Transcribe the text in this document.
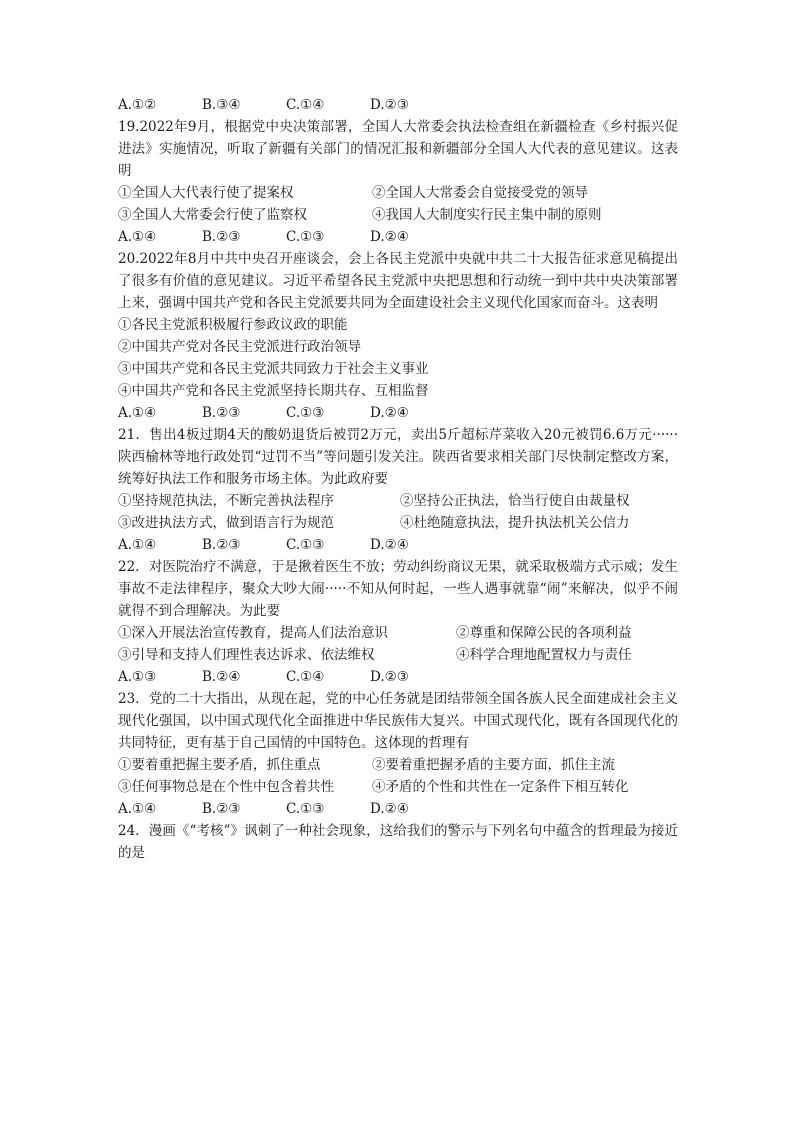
A.①②	B.③④	C.①④	D.②③

19.2022年9月，根据党中央决策部署，全国人大常委会执法检查组在新疆检查《乡村振兴促进法》实施情况，听取了新疆有关部门的情况汇报和新疆部分全国人大代表的意见建议。这表明

①全国人大代表行使了提案权	②全国人大常委会自觉接受党的领导
③全国人大常委会行使了监察权	④我国人大制度实行民主集中制的原则
A.①④	B.②③	C.①③	D.②④

20.2022年8月中共中央召开座谈会，会上各民主党派中央就中共二十大报告征求意见稿提出了很多有价值的意见建议。习近平希望各民主党派中央把思想和行动统一到中共中央决策部署上来，强调中国共产党和各民主党派要共同为全面建设社会主义现代化国家而奋斗。这表明

①各民主党派积极履行参政议政的职能

②中国共产党对各民主党派进行政治领导

③中国共产党和各民主党派共同致力于社会主义事业

④中国共产党和各民主党派坚持长期共存、互相监督

A.①④	B.②③	C.①③	D.②④

21．售出4板过期4天的酸奶退货后被罚2万元，卖出5斤超标芹菜收入20元被罚6.6万元······陕西榆林等地行政处罚“过罚不当”等问题引发关注。陕西省要求相关部门尽快制定整改方案，统筹好执法工作和服务市场主体。为此政府要

①坚持规范执法，不断完善执法程序	②坚持公正执法，恰当行使自由裁量权
③改进执法方式，做到语言行为规范	④杜绝随意执法，提升执法机关公信力
A.①④	B.②③	C.①③	D.②④

22．对医院治疗不满意，于是揪着医生不放；劳动纠纷商议无果，就采取极端方式示威；发生事故不走法律程序，聚众大吵大闹·····不知从何时起，一些人遇事就靠“闹”来解决，似乎不闹就得不到合理解决。为此要

①深入开展法治宣传教育，提高人们法治意识	②尊重和保障公民的各项利益
③引导和支持人们理性表达诉求、依法维权	④科学合理地配置权力与责任
A.①③	B.②④	C.①④	D.②③

23．党的二十大指出，从现在起，党的中心任务就是团结带领全国各族人民全面建成社会主义现代化强国，以中国式现代化全面推进中华民族伟大复兴。中国式现代化，既有各国现代化的共同特征，更有基于自己国情的中国特色。这体现的哲理有

①要着重把握主要矛盾，抓住重点	②要着重把握矛盾的主要方面，抓住主流
③任何事物总是在个性中包含着共性	④矛盾的个性和共性在一定条件下相互转化
A.①④	B.②③	C.①③	D.②④

24．漫画《“考核”》讽刺了一种社会现象，这给我们的警示与下列名句中蕴含的哲理最为接近的是
